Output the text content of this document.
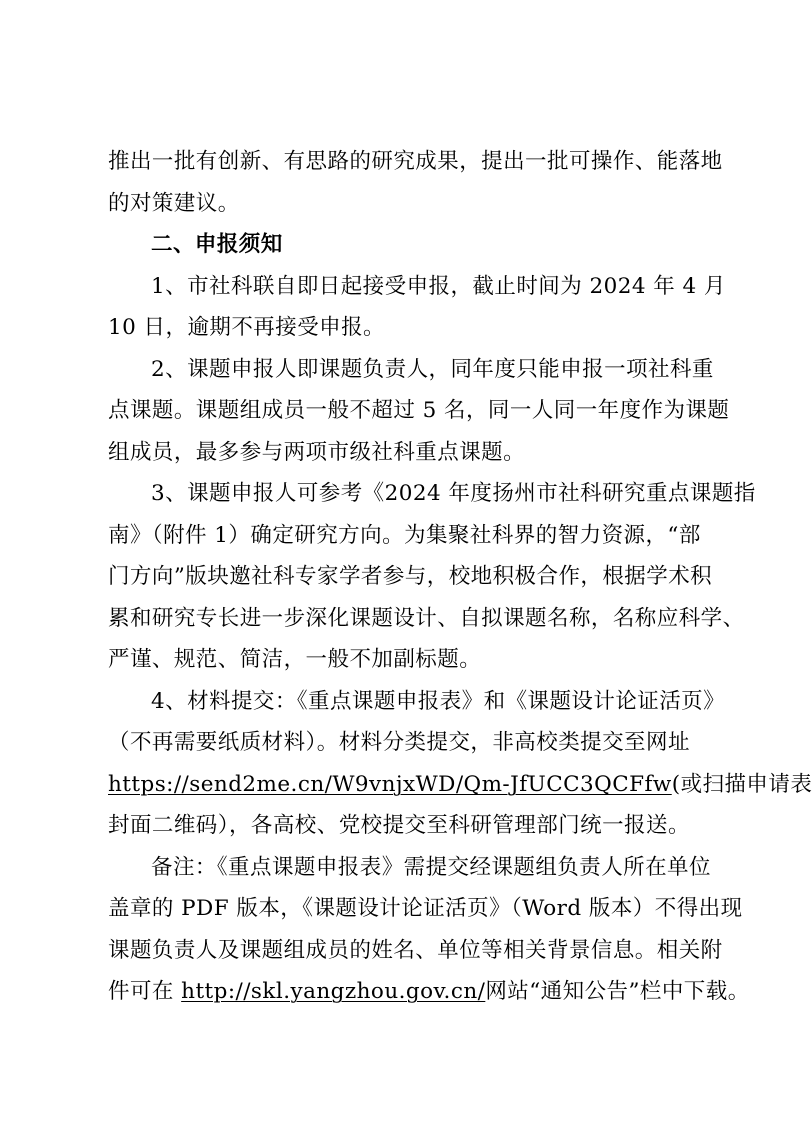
推出一批有创新、有思路的研究成果，提出一批可操作、能落地
的对策建议。
二、申报须知
1、市社科联自即日起接受申报，截止时间为 2024 年 4 月
10 日，逾期不再接受申报。
2、课题申报人即课题负责人，同年度只能申报一项社科重
点课题。课题组成员一般不超过 5 名，同一人同一年度作为课题
组成员，最多参与两项市级社科重点课题。
3、课题申报人可参考《2024 年度扬州市社科研究重点课题指
南》（附件 1）确定研究方向。为集聚社科界的智力资源，“部
门方向”版块邀社科专家学者参与，校地积极合作，根据学术积
累和研究专长进一步深化课题设计、自拟课题名称，名称应科学、
严谨、规范、简洁，一般不加副标题。
4、材料提交：《重点课题申报表》和《课题设计论证活页》
（不再需要纸质材料）。材料分类提交，非高校类提交至网址
https://send2me.cn/W9vnjxWD/Qm-JfUCC3QCFfw(或扫描申请表
封面二维码），各高校、党校提交至科研管理部门统一报送。
备注：《重点课题申报表》需提交经课题组负责人所在单位
盖章的 PDF 版本，《课题设计论证活页》（Word 版本）不得出现
课题负责人及课题组成员的姓名、单位等相关背景信息。相关附
件可在 http://skl.yangzhou.gov.cn/网站“通知公告”栏中下载。
